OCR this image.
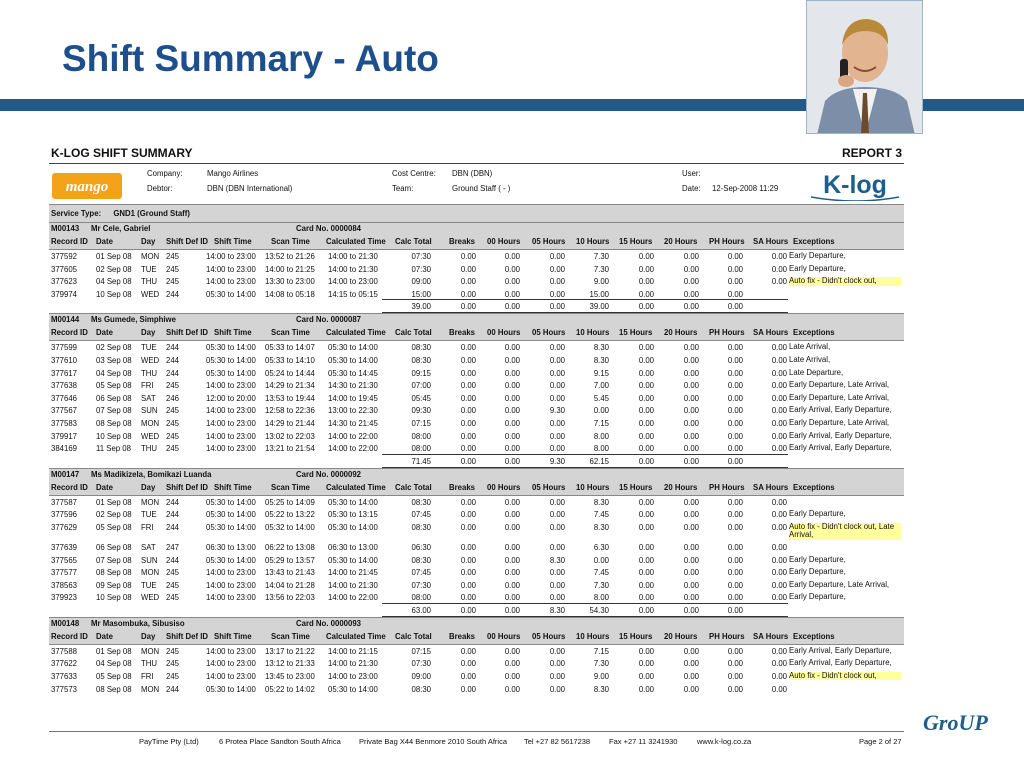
Shift Summary - Auto
K-LOG SHIFT SUMMARY	REPORT 3
mango
Company:	Mango Airlines
Debtor:	DBN (DBN International)
Cost Centre: DBN (DBN)
Team:	Ground Staff ( - )
User:
Date: 12-Sep-2008 11:29 K-log
Service Type: GND1 (Ground Staff)
M00143 Mr Cele, Gabriel	Card No. 0000084
Record ID Date	Day Shift Def ID Shift Time Scan Time Calculated Time Calc Total Breaks 00 Hours 05 Hours 10 Hours 15 Hours 20 Hours PH Hours SA Hours Exceptions
377592 01 Sep 08 MON 245	14:00 to 23:00 13:52 to 21:26 14:00 to 21:30	07:30	0.00	0.00	0.00	7.30	0.00	0.00	0.00	0.00 Early Departure,
377605 02 Sep 08 TUE 245	14:00 to 23:00 14:00 to 21:25 14:00 to 21:30	07:30	0.00	0.00	0.00	7.30	0.00	0.00	0.00	0.00 Early Departure,
377623 04 Sep 08 THU 245	14:00 to 23:00 13:30 to 23:00 14:00 to 23:00	09:00	0.00	0.00	0.00	9.00	0.00	0.00	0.00	0.00 Auto fix - Didn't clock out,
379974 10 Sep 08 WED 244	05:30 to 14:00 14:08 to 05:18 14:15 to 05:15	15:00	0.00	0.00	0.00	15.00	0.00	0.00	0.00
39.00	0.00	0.00	0.00	39.00	0.00	0.00	0.00
M00144 Ms Gumede, Simphiwe	Card No. 0000087
Record ID Date	Day Shift Def ID Shift Time Scan Time Calculated Time Calc Total Breaks 00 Hours 05 Hours 10 Hours 15 Hours 20 Hours PH Hours SA Hours Exceptions
377599 02 Sep 08 TUE 244	05:30 to 14:00 05:33 to 14:07 05:30 to 14:00	08:30	0.00	0.00	0.00	8.30	0.00	0.00	0.00	0.00 Late Arrival,
377610 03 Sep 08 WED 244	05:30 to 14:00 05:33 to 14:10 05:30 to 14:00	08:30	0.00	0.00	0.00	8.30	0.00	0.00	0.00	0.00 Late Arrival,
377617 04 Sep 08 THU 244	05:30 to 14:00 05:24 to 14:44 05:30 to 14:45	09:15	0.00	0.00	0.00	9.15	0.00	0.00	0.00	0.00 Late Departure,
377638 05 Sep 08 FRI 245	14:00 to 23:00 14:29 to 21:34 14:30 to 21:30	07:00	0.00	0.00	0.00	7.00	0.00	0.00	0.00	0.00 Early Departure, Late Arrival,
377646 06 Sep 08 SAT 246	12:00 to 20:00 13:53 to 19:44 14:00 to 19:45	05:45	0.00	0.00	0.00	5.45	0.00	0.00	0.00	0.00 Early Departure, Late Arrival,
377567 07 Sep 08 SUN 245	14:00 to 23:00 12:58 to 22:36 13:00 to 22:30	09:30	0.00	0.00	9.30	0.00	0.00	0.00	0.00	0.00 Early Arrival, Early Departure,
377583 08 Sep 08 MON 245	14:00 to 23:00 14:29 to 21:44 14:30 to 21:45	07:15	0.00	0.00	0.00	7.15	0.00	0.00	0.00	0.00 Early Departure, Late Arrival,
379917 10 Sep 08 WED 245	14:00 to 23:00 13:02 to 22:03 14:00 to 22:00	08:00	0.00	0.00	0.00	8.00	0.00	0.00	0.00	0.00 Early Arrival, Early Departure,
384169 11 Sep 08 THU 245	14:00 to 23:00 13:21 to 21:54 14:00 to 22:00	08:00	0.00	0.00	0.00	8.00	0.00	0.00	0.00	0.00 Early Arrival, Early Departure,
71.45	0.00	0.00	9.30	62.15	0.00	0.00	0.00
M00147 Ms Madikizela, Bomikazi Luanda	Card No. 0000092
Record ID Date	Day Shift Def ID Shift Time Scan Time Calculated Time Calc Total Breaks 00 Hours 05 Hours 10 Hours 15 Hours 20 Hours PH Hours SA Hours Exceptions
377587 01 Sep 08 MON 244	05:30 to 14:00 05:25 to 14:09 05:30 to 14:00	08:30	0.00	0.00	0.00	8.30	0.00	0.00	0.00	0.00
377596 02 Sep 08 TUE 244	05:30 to 14:00 05:22 to 13:22 05:30 to 13:15	07:45	0.00	0.00	0.00	7.45	0.00	0.00	0.00	0.00 Early Departure,
377629 05 Sep 08 FRI 244	05:30 to 14:00 05:32 to 14:00 05:30 to 14:00	08:30	0.00	0.00	0.00	8.30	0.00	0.00	0.00	0.00 Auto fix - Didn't clock out, Late Arrival,
377639 06 Sep 08 SAT 247	06:30 to 13:00 06:22 to 13:08 06:30 to 13:00	06:30	0.00	0.00	0.00	6.30	0.00	0.00	0.00	0.00
377565 07 Sep 08 SUN 244	05:30 to 14:00 05:29 to 13:57 05:30 to 14:00	08:30	0.00	0.00	8.30	0.00	0.00	0.00	0.00	0.00 Early Departure,
377577 08 Sep 08 MON 245	14:00 to 23:00 13:43 to 21:43 14:00 to 21:45	07:45	0.00	0.00	0.00	7.45	0.00	0.00	0.00	0.00 Early Departure,
378563 09 Sep 08 TUE 245	14:00 to 23:00 14:04 to 21:28 14:00 to 21:30	07:30	0.00	0.00	0.00	7.30	0.00	0.00	0.00	0.00 Early Departure, Late Arrival,
379923 10 Sep 08 WED 245	14:00 to 23:00 13:56 to 22:03 14:00 to 22:00	08:00	0.00	0.00	0.00	8.00	0.00	0.00	0.00	0.00 Early Departure,
63.00	0.00	0.00	8.30	54.30	0.00	0.00	0.00
M00148 Mr Masombuka, Sibusiso	Card No. 0000093
Record ID Date	Day Shift Def ID Shift Time Scan Time Calculated Time Calc Total Breaks 00 Hours 05 Hours 10 Hours 15 Hours 20 Hours PH Hours SA Hours Exceptions
377588 01 Sep 08 MON 245	14:00 to 23:00 13:17 to 21:22 14:00 to 21:15	07:15	0.00	0.00	0.00	7.15	0.00	0.00	0.00	0.00 Early Arrival, Early Departure,
377622 04 Sep 08 THU 245	14:00 to 23:00 13:12 to 21:33 14:00 to 21:30	07:30	0.00	0.00	0.00	7.30	0.00	0.00	0.00	0.00 Early Arrival, Early Departure,
377633 05 Sep 08 FRI 245	14:00 to 23:00 13:45 to 23:00 14:00 to 23:00	09:00	0.00	0.00	0.00	9.00	0.00	0.00	0.00	0.00 Auto fix - Didn't clock out,
377573 08 Sep 08 MON 244	05:30 to 14:00 05:22 to 14:02 05:30 to 14:00	08:30	0.00	0.00	0.00	8.30	0.00	0.00	0.00	0.00
PayTime Pty (Ltd)	6 Protea Place Sandton South Africa Private Bag X44 Benmore 2010 South Africa Tel +27 82 5617238	Fax +27 11 3241930	www.k-log.co.za	Page 2 of 27
GroUP
